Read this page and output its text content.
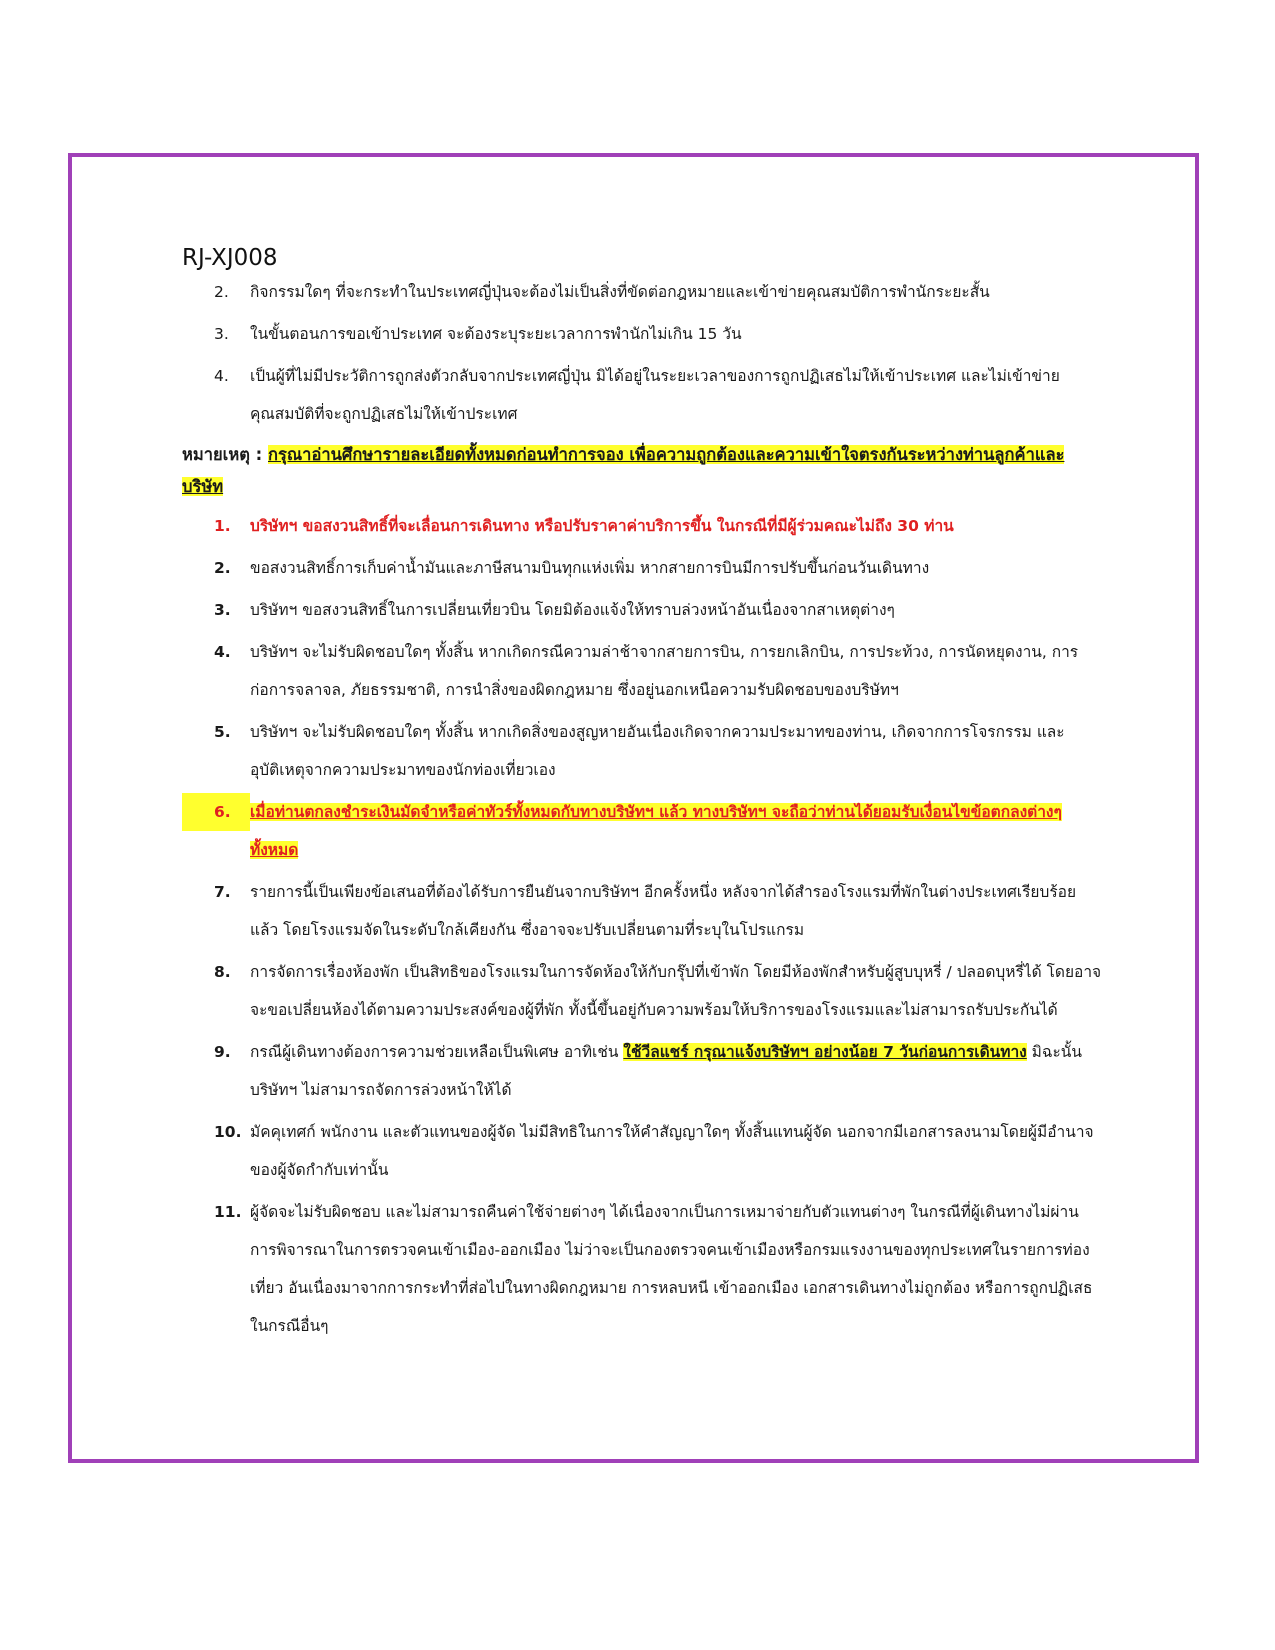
RJ-XJ008
2.	กิจกรรมใดๆ ที่จะกระทำในประเทศญี่ปุ่นจะต้องไม่เป็นสิ่งที่ขัดต่อกฎหมายและเข้าข่ายคุณสมบัติการพำนักระยะสั้น
3.	ในขั้นตอนการขอเข้าประเทศ จะต้องระบุระยะเวลาการพำนักไม่เกิน 15 วัน
4.	เป็นผู้ที่ไม่มีประวัติการถูกส่งตัวกลับจากประเทศญี่ปุ่น มิได้อยู่ในระยะเวลาของการถูกปฏิเสธไม่ให้เข้าประเทศ และไม่เข้าข่ายคุณสมบัติที่จะถูกปฏิเสธไม่ให้เข้าประเทศ
หมายเหตุ : กรุณาอ่านศึกษารายละเอียดทั้งหมดก่อนทำการจอง เพื่อความถูกต้องและความเข้าใจตรงกันระหว่างท่านลูกค้าและบริษัท
1.	บริษัทฯ ขอสงวนสิทธิ์ที่จะเลื่อนการเดินทาง หรือปรับราคาค่าบริการขึ้น ในกรณีที่มีผู้ร่วมคณะไม่ถึง 30 ท่าน
2.	ขอสงวนสิทธิ์การเก็บค่าน้ำมันและภาษีสนามบินทุกแห่งเพิ่ม หากสายการบินมีการปรับขึ้นก่อนวันเดินทาง
3.	บริษัทฯ ขอสงวนสิทธิ์ในการเปลี่ยนเที่ยวบิน โดยมิต้องแจ้งให้ทราบล่วงหน้าอันเนื่องจากสาเหตุต่างๆ
4.	บริษัทฯ จะไม่รับผิดชอบใดๆ ทั้งสิ้น หากเกิดกรณีความล่าช้าจากสายการบิน, การยกเลิกบิน, การประท้วง, การนัดหยุดงาน, การก่อการจลาจล, ภัยธรรมชาติ, การนำสิ่งของผิดกฎหมาย ซึ่งอยู่นอกเหนือความรับผิดชอบของบริษัทฯ
5.	บริษัทฯ จะไม่รับผิดชอบใดๆ ทั้งสิ้น หากเกิดสิ่งของสูญหายอันเนื่องเกิดจากความประมาทของท่าน, เกิดจากการโจรกรรม และอุบัติเหตุจากความประมาทของนักท่องเที่ยวเอง
6.	เมื่อท่านตกลงชำระเงินมัดจำหรือค่าทัวร์ทั้งหมดกับทางบริษัทฯ แล้ว ทางบริษัทฯ จะถือว่าท่านได้ยอมรับเงื่อนไขข้อตกลงต่างๆ ทั้งหมด
7.	รายการนี้เป็นเพียงข้อเสนอที่ต้องได้รับการยืนยันจากบริษัทฯ อีกครั้งหนึ่ง หลังจากได้สำรองโรงแรมที่พักในต่างประเทศเรียบร้อยแล้ว โดยโรงแรมจัดในระดับใกล้เคียงกัน ซึ่งอาจจะปรับเปลี่ยนตามที่ระบุในโปรแกรม
8.	การจัดการเรื่องห้องพัก เป็นสิทธิของโรงแรมในการจัดห้องให้กับกรุ๊ปที่เข้าพัก โดยมีห้องพักสำหรับผู้สูบบุหรี่ / ปลอดบุหรี่ได้ โดยอาจจะขอเปลี่ยนห้องได้ตามความประสงค์ของผู้ที่พัก ทั้งนี้ขึ้นอยู่กับความพร้อมให้บริการของโรงแรมและไม่สามารถรับประกันได้
9.	กรณีผู้เดินทางต้องการความช่วยเหลือเป็นพิเศษ อาทิเช่น ใช้วีลแชร์ กรุณาแจ้งบริษัทฯ อย่างน้อย 7 วันก่อนการเดินทาง มิฉะนั้นบริษัทฯ ไม่สามารถจัดการล่วงหน้าให้ได้
10. มัคคุเทศก์ พนักงาน และตัวแทนของผู้จัด ไม่มีสิทธิในการให้คำสัญญาใดๆ ทั้งสิ้นแทนผู้จัด นอกจากมีเอกสารลงนามโดยผู้มีอำนาจของผู้จัดกำกับเท่านั้น
11. ผู้จัดจะไม่รับผิดชอบ และไม่สามารถคืนค่าใช้จ่ายต่างๆ ได้เนื่องจากเป็นการเหมาจ่ายกับตัวแทนต่างๆ ในกรณีที่ผู้เดินทางไม่ผ่านการพิจารณาในการตรวจคนเข้าเมือง-ออกเมือง ไม่ว่าจะเป็นกองตรวจคนเข้าเมืองหรือกรมแรงงานของทุกประเทศในรายการท่องเที่ยว อันเนื่องมาจากการกระทำที่ส่อไปในทางผิดกฎหมาย การหลบหนี เข้าออกเมือง เอกสารเดินทางไม่ถูกต้อง หรือการถูกปฏิเสธในกรณีอื่นๆ
